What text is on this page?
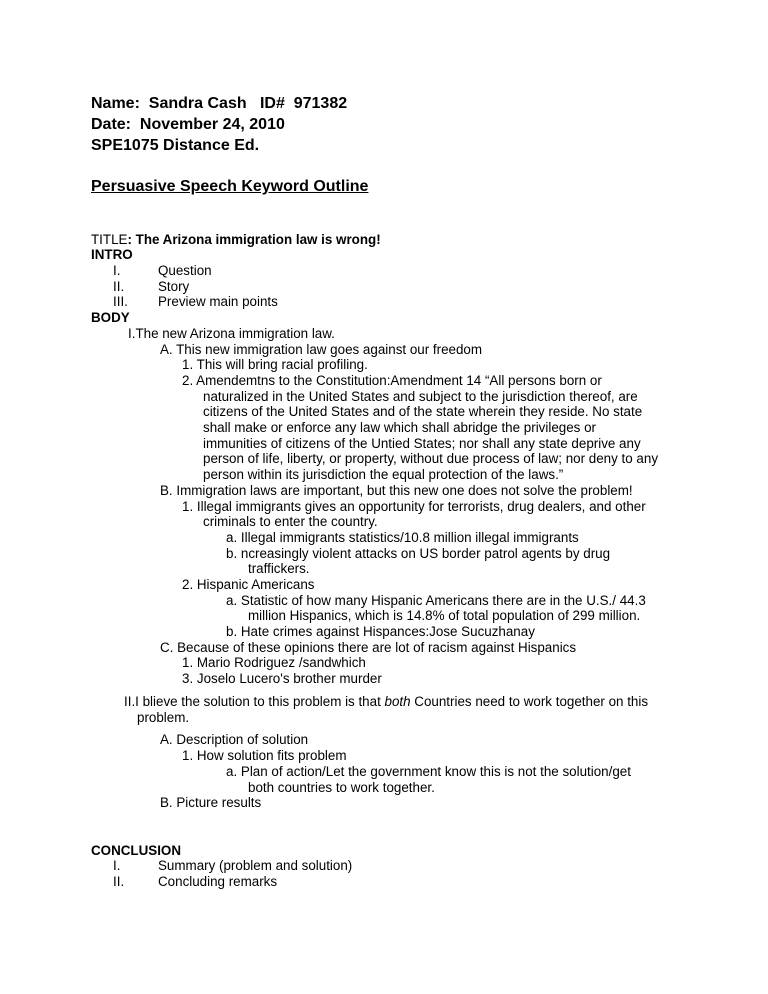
Name:  Sandra Cash   ID#  971382
Date:  November 24, 2010
SPE1075 Distance Ed.
Persuasive Speech Keyword Outline
TITLE: The Arizona immigration law is wrong!
INTRO
I.	Question
II.	Story
III. Preview main points
BODY
I.The new Arizona immigration law.
A. This new immigration law goes against our freedom
1. This will bring racial profiling.
2. Amendemtns to the Constitution:Amendment 14 “All persons born or
naturalized in the United States and subject to the jurisdiction thereof, are
citizens of the United States and of the state wherein they reside. No state
shall make or enforce any law which shall abridge the privileges or
immunities of citizens of the Untied States; nor shall any state deprive any
person of life, liberty, or property, without due process of law; nor deny to any
person within its jurisdiction the equal protection of the laws.”
B. Immigration laws are important, but this new one does not solve the problem!
1. Illegal immigrants gives an opportunity for terrorists, drug dealers, and other
criminals to enter the country.
a. Illegal immigrants statistics/10.8 million illegal immigrants
b. ncreasingly violent attacks on US border patrol agents by drug
traffickers.
2. Hispanic Americans
a. Statistic of how many Hispanic Americans there are in the U.S./ 44.3
million Hispanics, which is 14.8% of total population of 299 million.
b. Hate crimes against Hispances:Jose Sucuzhanay
C. Because of these opinions there are lot of racism against Hispanics
1. Mario Rodriguez /sandwhich
3. Joselo Lucero's brother murder
II.I blieve the solution to this problem is that both Countries need to work together on this
problem.
A. Description of solution
1. How solution fits problem
a. Plan of action/Let the government know this is not the solution/get
both countries to work together.
B. Picture results
CONCLUSION
I.	Summary (problem and solution)
II.	Concluding remarks
